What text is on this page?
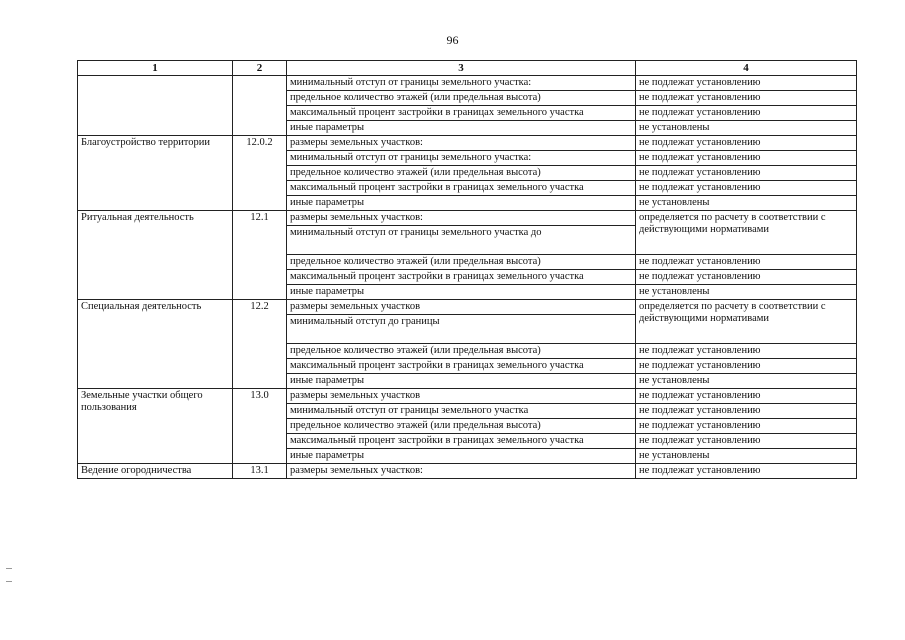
96
1	2	3	4
		минимальный отступ от границы земельного участка:	не подлежат установлению
		предельное количество этажей (или предельная высота)	не подлежат установлению
		максимальный процент застройки в границах земельного участка	не подлежат установлению
		иные параметры	не установлены
Благоустройство территории	12.0.2	размеры земельных участков:	не подлежат установлению
		минимальный отступ от границы земельного участка:	не подлежат установлению
		предельное количество этажей (или предельная высота)	не подлежат установлению
		максимальный процент застройки в границах земельного участка	не подлежат установлению
		иные параметры	не установлены
Ритуальная деятельность	12.1	размеры земельных участков:	определяется по расчету в соответствии с действующими нормативами
		минимальный отступ от границы земельного участка до	
		предельное количество этажей (или предельная высота)	не подлежат установлению
		максимальный процент застройки в границах земельного участка	не подлежат установлению
		иные параметры	не установлены
Специальная деятельность	12.2	размеры земельных участков	определяется по расчету в соответствии с действующими нормативами
		минимальный отступ до границы	
		предельное количество этажей (или предельная высота)	не подлежат установлению
		максимальный процент застройки в границах земельного участка	не подлежат установлению
		иные параметры	не установлены
Земельные участки общего пользования	13.0	размеры земельных участков	не подлежат установлению
		минимальный отступ от границы земельного участка	не подлежат установлению
		предельное количество этажей (или предельная высота)	не подлежат установлению
		максимальный процент застройки в границах земельного участка	не подлежат установлению
		иные параметры	не установлены
Ведение огородничества	13.1	размеры земельных участков:	не подлежат установлению
